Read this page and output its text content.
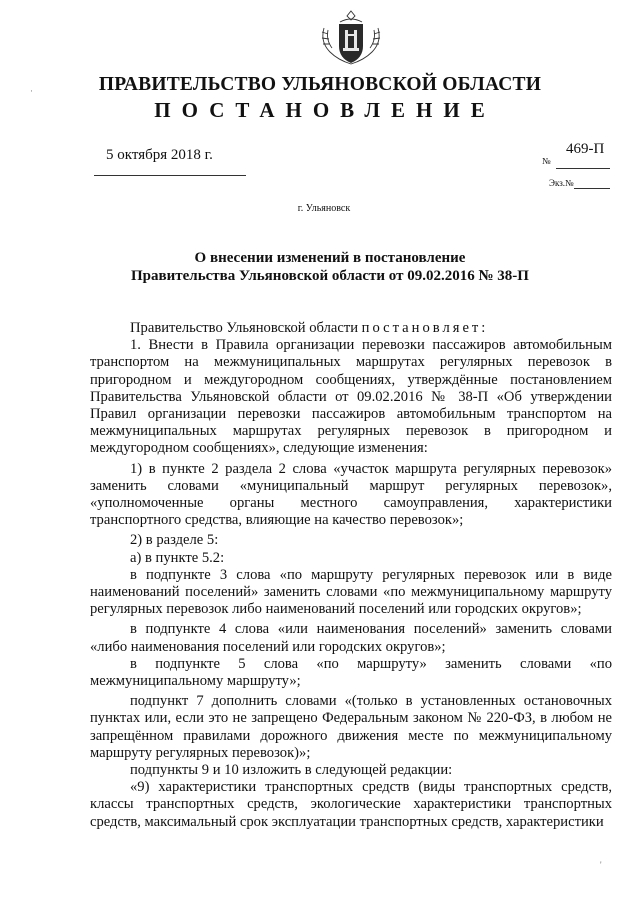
ПРАВИТЕЛЬСТВО УЛЬЯНОВСКОЙ ОБЛАСТИ
ПОСТАНОВЛЕНИЕ
5 октября 2018 г.	469-П
№
Экз.№
г. Ульяновск
О внесении изменений в постановление
Правительства Ульяновской области от 09.02.2016 № 38-П

Правительство Ульяновской области постановляет:

1. Внести в Правила организации перевозки пассажиров автомобильным транспортом на межмуниципальных маршрутах регулярных перевозок в пригородном и междугородном сообщениях, утверждённые постановлением Правительства Ульяновской области от 09.02.2016 № 38-П «Об утверждении Правил организации перевозки пассажиров автомобильным транспортом на межмуниципальных маршрутах регулярных перевозок в пригородном и междугородном сообщениях», следующие изменения:

1) в пункте 2 раздела 2 слова «участок маршрута регулярных перевозок» заменить словами «муниципальный маршрут регулярных перевозок», «уполномоченные органы местного самоуправления, характеристики транспортного средства, влияющие на качество перевозок»;

2) в разделе 5:

а) в пункте 5.2:

в подпункте 3 слова «по маршруту регулярных перевозок или в виде наименований поселений» заменить словами «по межмуниципальному маршруту регулярных перевозок либо наименований поселений или городских округов»;

в подпункте 4 слова «или наименования поселений» заменить словами «либо наименования поселений или городских округов»;

в подпункте 5 слова «по маршруту» заменить словами «по межмуниципальному маршруту»;

подпункт 7 дополнить словами «(только в установленных остановочных пунктах или, если это не запрещено Федеральным законом № 220-ФЗ, в любом не запрещённом правилами дорожного движения месте по межмуниципальному маршруту регулярных перевозок)»;

подпункты 9 и 10 изложить в следующей редакции:

«9) характеристики транспортных средств (виды транспортных средств, классы транспортных средств, экологические характеристики транспортных средств, максимальный срок эксплуатации транспортных средств, характеристики

·
'
